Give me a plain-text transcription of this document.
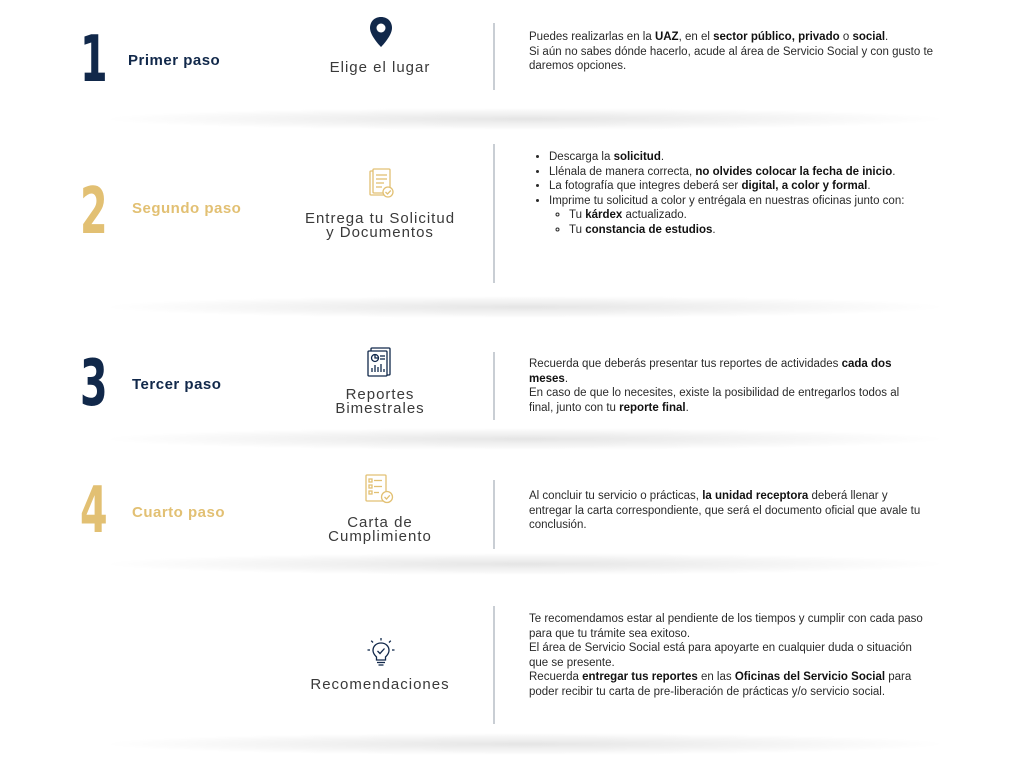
1 Primer paso	Elige el lugar

Puedes realizarlas en la UAZ, en el sector público, privado o social.

Si aún no sabes dónde hacerlo, acude al área de Servicio Social y con gusto te daremos opciones.

2 Segundo paso
Entrega tu Solicitud
y Documentos
• Descarga la solicitud.
• Llénala de manera correcta, no olvides colocar la fecha de inicio.
• La fotografía que integres deberá ser digital, a color y formal.
• Imprime tu solicitud a color y entrégala en nuestras oficinas junto con:
◦ Tu kárdex actualizado.
◦ Tu constancia de estudios.
3 Tercer paso
Reportes
Bimestrales

Recuerda que deberás presentar tus reportes de actividades cada dos meses.

En caso de que lo necesites, existe la posibilidad de entregarlos todos al final, junto con tu reporte final.

4 Cuarto paso
Carta de
Cumplimiento

Al concluir tu servicio o prácticas, la unidad receptora deberá llenar y entregar la carta correspondiente, que será el documento oficial que avale tu conclusión.

Recomendaciones

Te recomendamos estar al pendiente de los tiempos y cumplir con cada paso para que tu trámite sea exitoso.

El área de Servicio Social está para apoyarte en cualquier duda o situación que se presente.

Recuerda entregar tus reportes en las Oficinas del Servicio Social para poder recibir tu carta de pre-liberación de prácticas y/o servicio social.
